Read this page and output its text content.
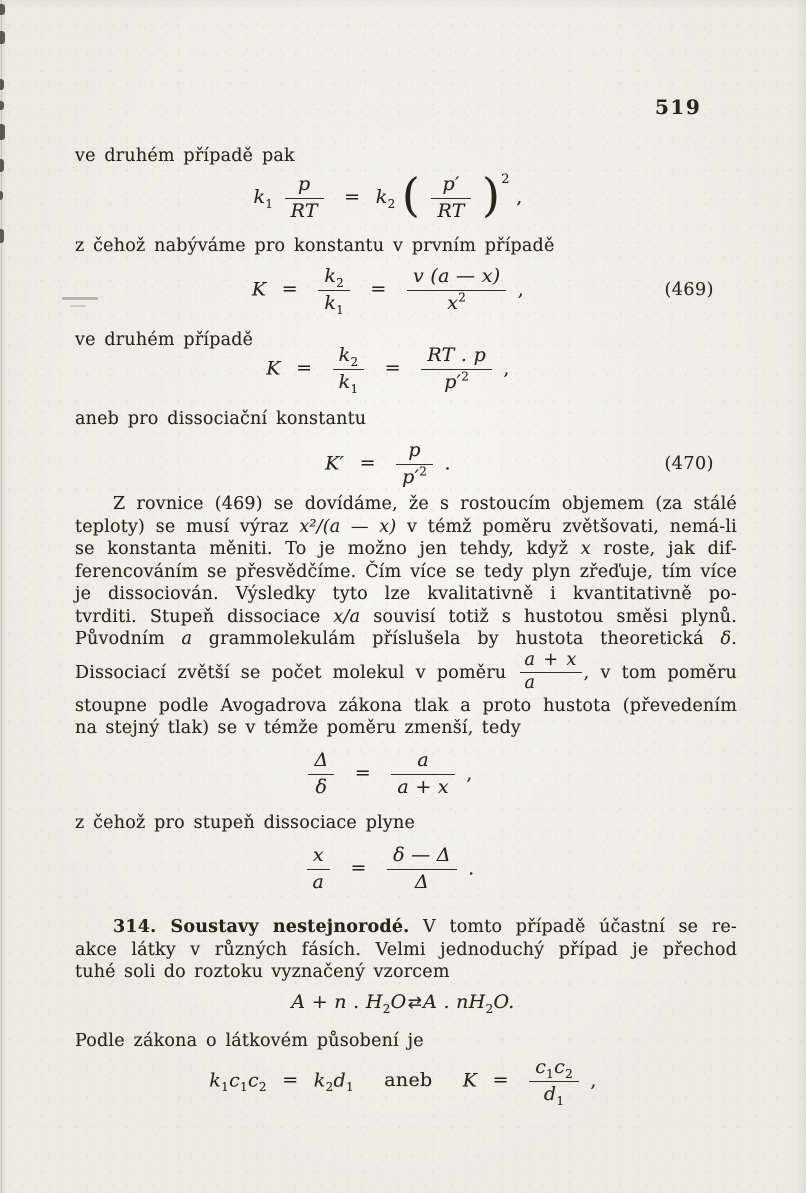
519
ve druhém případě pak
$k_1 \frac{p}{RT} = k_2$ ( $\frac{p'}{RT} )^2$ ,
z čehož nabýváme pro konstantu v prvním případě
$K = \frac{k_2}{k_1} = \frac{v (a — x)}{x^2}$ ,	(469)
ve druhém případě
$K = \frac{k_2}{k_1} = \frac{RT . p}{p'^2}$ ,
aneb pro dissociační konstantu
$K' = \frac{p}{p'^2}$ .	(470)
Z rovnice (469) se dovídáme, že s rostoucím objemem (za stálé
teploty) se musí výraz x²/(a — x) v témž poměru zvětšovati, nemá-li
se konstanta měniti. To je možno jen tehdy, když x roste, jak dif-
ferencováním se přesvědčíme. Čím více se tedy plyn zřeďuje, tím více
je dissociován. Výsledky tyto lze kvalitativně i kvantitativně po-
tvrditi. Stupeň dissociace x/a souvisí totiž s hustotou směsi plynů.
Původním a grammolekulám příslušela by hustota theoretická δ.
Dissociací zvětší se počet molekul v poměru $\frac{a + x}{a}$ , v tom poměru
stoupne podle Avogadrova zákona tlak a proto hustota (převedením
na stejný tlak) se v témže poměru zmenší, tedy
$\frac{\Delta}{\delta} = \frac{a}{a + x}$ ,
z čehož pro stupeň dissociace plyne
$\frac{x}{a} = \frac{\delta — \Delta}{\Delta}$ .
314. Soustavy nestejnorodé. V tomto případě účastní se re-
akce látky v různých fásích. Velmi jednoduchý případ je přechod
tuhé soli do roztoku vyznačený vzorcem
A + n . $H_2O⇄A$ . $nH_2O$.
Podle zákona o látkovém působení je
$k_1c_1c_2 = k_2d_1$ aneb $K = \frac{c_1c_2}{d_1}$ ,
